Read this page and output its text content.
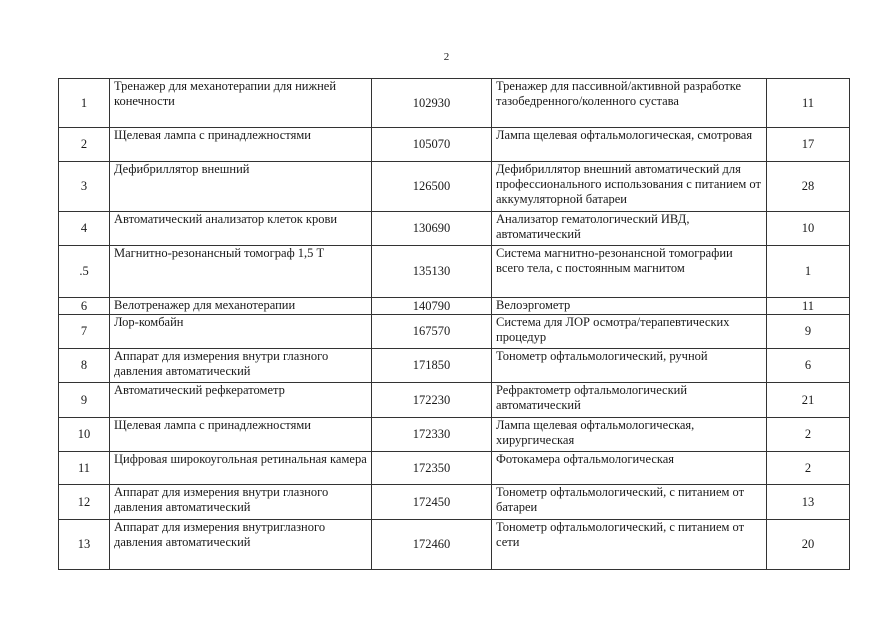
2
1	Тренажер для механотерапии для нижней конечности	102930	Тренажер для пассивной/активной разработке тазобедренного/коленного сустава	11
2	Щелевая лампа с принадлежностями	105070	Лампа щелевая офтальмологическая, смотровая	17
3	Дефибриллятор внешний	126500	Дефибриллятор внешний автоматический для профессионального использования с питанием от аккумуляторной батареи	28
4	Автоматический анализатор клеток крови	130690	Анализатор гематологический ИВД, автоматический	10
.5	Магнитно-резонансный томограф 1,5 Т	135130	Система магнитно-резонансной томографии всего тела, с постоянным магнитом	1
6	Велотренажер для механотерапии	140790	Велоэргометр	11
7	Лор-комбайн	167570	Система для ЛОР осмотра/терапевтических процедур	9
8	Аппарат для измерения внутри глазного давления автоматический	171850	Тонометр офтальмологический, ручной	6
9	Автоматический рефкератометр	172230	Рефрактометр офтальмологический автоматический	21
10	Щелевая лампа с принадлежностями	172330	Лампа щелевая офтальмологическая, хирургическая	2
11	Цифровая широкоугольная ретинальная камера	172350	Фотокамера офтальмологическая	2
12	Аппарат для измерения внутри глазного давления автоматический	172450	Тонометр офтальмологический, с питанием от батареи	13
13	Аппарат для измерения внутриглазного давления автоматический	172460	Тонометр офтальмологический, с питанием от сети	20
